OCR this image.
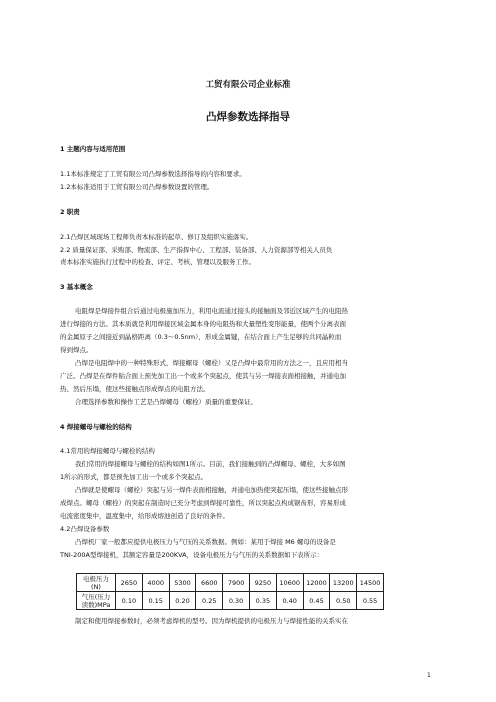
工贸有限公司企业标准
凸焊参数选择指导
1 主题内容与适用范围
1.1本标准规定了工贸有限公司凸焊参数选择指导的内容和要求。
1.2本标准适用于工贸有限公司凸焊参数设置的管理。
2 职责
2.1凸焊区域现场工程师负责本标准的起草、修订及组织实施落实。
2.2 质量保证部、采购部、物流部、生产指挥中心、工程部、装备部、人力资源部等相关人员负
责本标准实施执行过程中的检查、评定、考核、管理以及服务工作。
3 基本概念
电阻焊是焊接件组合后通过电极施加压力，利用电流通过接头的接触面及邻近区域产生的电阻热
进行焊接的方法。其本质就是利用焊接区域金属本身的电阻热和大量塑性变形能量，使两个分离表面
的金属原子之间接近到晶格距离（0.3～0.5nm），形成金属键，在结合面上产生足够的共同晶粒而
得到焊点。
凸焊是电阻焊中的一种特殊形式，焊接螺母（螺栓）又是凸焊中最常用的方法之一，且应用相当
广泛。凸焊是在焊件貼合面上预先加工出一个或多个突起点，使其与另一焊接表面相接触，并通电加
热、然后压塌，使这些接触点形成焊点的电阻方法。
合理选择参数和操作工艺是凸焊螺母（螺栓）质量的重要保证。
4 焊接螺母与螺栓的结构
4.1常用的焊接螺母与螺栓的结构
我们常用的焊接螺母与螺栓的结构如图1所示。目前，我们接触到的凸焊螺母、螺栓，大多如图
1所示的形式，都是预先加工出一个或多个突起点。
凸焊就是使螺母（螺栓）突起与另一焊件表面相接触，并通电加热使突起压塌，使这些接触点形
成焊点。螺母（螺栓）的突起在制造时已充分考虑到焊接可靠性，所以突起点构成锯齿形，容易形成
电流密度集中，温度集中，给形成熔池创造了良好的条件。
4.2凸焊设备参数
凸焊机厂家一般都应提供电极压力与气压的关系数据。例如：某用于焊接 M6 螺母的设备是
TNI-200A型焊接机，其额定容量是200KVA，设备电极压力与气压的关系数据如下表所示：
电极压力
(N)	2650	4000	5300	6600	7900	9250	10600	12000	13200	14500
气压(压力
读数)MPa	0.10	0.15	0.20	0.25	0.30	0.35	0.40	0.45	0.50	0.55
制定和使用焊接参数时，必须考虑焊机的型号。因为焊机提供的电极压力与焊接性能的关系实在
1
